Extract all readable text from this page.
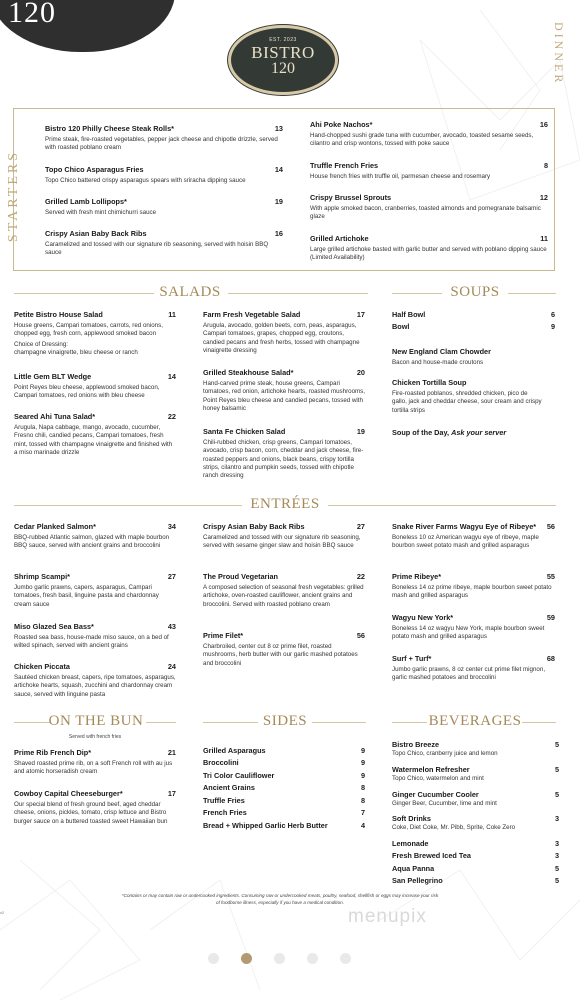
120
EST. 2023
BISTRO
120	DINNER
STARTERS
Bistro 120 Philly Cheese Steak Rolls*	13
Prime steak, fire-roasted vegetables, pepper jack cheese and chipotle drizzle, served with roasted poblano cream
Topo Chico Asparagus Fries	14
Topo Chico battered crispy asparagus spears with sriracha dipping sauce
Grilled Lamb Lollipops*	19
Served with fresh mint chimichurri sauce
Crispy Asian Baby Back Ribs	16
Caramelized and tossed with our signature rib seasoning, served with hoisin BBQ sauce
Ahi Poke Nachos*	16
Hand-chopped sushi grade tuna with cucumber, avocado, toasted sesame seeds, cilantro and crisp wontons, tossed with poke sauce
Truffle French Fries	8
House french fries with truffle oil, parmesan cheese and rosemary
Crispy Brussel Sprouts	12
With apple smoked bacon, cranberries, toasted almonds and pomegranate balsamic glaze
Grilled Artichoke	11
Large grilled artichoke basted with garlic butter and served with poblano dipping sauce (Limited Availability)
SALADS	SOUPS
Petite Bistro House Salad	11
House greens, Campari tomatoes, carrots, red onions, chopped egg, fresh corn, applewood smoked bacon
Choice of Dressing:
champagne vinaigrette, bleu cheese or ranch
Little Gem BLT Wedge	14
Point Reyes bleu cheese, applewood smoked bacon, Campari tomatoes, red onions with bleu cheese
Seared Ahi Tuna Salad*	22
Arugula, Napa cabbage, mango, avocado, cucumber, Fresno chili, candied pecans, Campari tomatoes, fresh mint, tossed with champagne vinaigrette and finished with a miso marinade drizzle
Farm Fresh Vegetable Salad	17
Arugula, avocado, golden beets, corn, peas, asparagus, Campari tomatoes, grapes, chopped egg, croutons, candied pecans and fresh herbs, tossed with champagne vinaigrette dressing
Grilled Steakhouse Salad*	20
Hand-carved prime steak, house greens, Campari tomatoes, red onion, artichoke hearts, roasted mushrooms, Point Reyes bleu cheese and candied pecans, tossed with honey balsamic
Santa Fe Chicken Salad	19
Chili-rubbed chicken, crisp greens, Campari tomatoes, avocado, crisp bacon, corn, cheddar and jack cheese, fire-roasted peppers and onions, black beans, crispy tortilla strips, cilantro and pumpkin seeds, tossed with chipotle ranch dressing
Half Bowl	6
Bowl	9
New England Clam Chowder
Bacon and house-made croutons
Chicken Tortilla Soup
Fire-roasted poblanos, shredded chicken, pico de gallo, jack and cheddar cheese, sour cream and crispy tortilla strips
Soup of the Day, Ask your server
ENTRÉES
Cedar Planked Salmon*	34
BBQ-rubbed Atlantic salmon, glazed with maple bourbon BBQ sauce, served with ancient grains and broccolini
Shrimp Scampi*	27
Jumbo garlic prawns, capers, asparagus, Campari tomatoes, fresh basil, linguine pasta and chardonnay cream sauce
Miso Glazed Sea Bass*	43
Roasted sea bass, house-made miso sauce, on a bed of wilted spinach, served with ancient grains
Chicken Piccata	24
Sautéed chicken breast, capers, ripe tomatoes, asparagus, artichoke hearts, squash, zucchini and chardonnay cream sauce, served with linguine pasta
Crispy Asian Baby Back Ribs	27
Caramelized and tossed with our signature rib seasoning, served with sesame ginger slaw and hoisin BBQ sauce
The Proud Vegetarian	22
A composed selection of seasonal fresh vegetables: grilled artichoke, oven-roasted cauliflower, ancient grains and broccolini. Served with roasted poblano cream
Prime Filet*	56
Charbroiled, center cut 8 oz prime filet, roasted mushrooms, herb butter with our garlic mashed potatoes and broccolini
Snake River Farms Wagyu Eye of Ribeye* 56
Boneless 10 oz American wagyu eye of ribeye, maple bourbon sweet potato mash and grilled asparagus
Prime Ribeye*	55
Boneless 14 oz prime ribeye, maple bourbon sweet potato mash and grilled asparagus
Wagyu New York*	59
Boneless 14 oz wagyu New York, maple bourbon sweet potato mash and grilled asparagus
Surf + Turf*	68
Jumbo garlic prawns, 8 oz center cut prime filet mignon, garlic mashed potatoes and broccolini
ON THE BUN
Served with french fries
SIDES	BEVERAGES
Prime Rib French Dip*	21
Shaved roasted prime rib, on a soft French roll with au jus and atomic horseradish cream
Cowboy Capital Cheeseburger*	17
Our special blend of fresh ground beef, aged cheddar cheese, onions, pickles, tomato, crisp lettuce and Bistro burger sauce on a buttered toasted sweet Hawaiian bun
Grilled Asparagus	9
Broccolini	9
Tri Color Cauliflower	9
Ancient Grains	8
Truffle Fries	8
French Fries	7
Bread + Whipped Garlic Herb Butter	4
Bistro Breeze	5
Topo Chico, cranberry juice and lemon
Watermelon Refresher	5
Topo Chico, watermelon and mint
Ginger Cucumber Cooler	5
Ginger Beer, Cucumber, lime and mint
Soft Drinks	3
Coke, Diet Coke, Mr. Pibb, Sprite, Coke Zero
Lemonade	3
Fresh Brewed Iced Tea	3
Aqua Panna	5
San Pellegrino	5
*Contains or may contain raw or undercooked ingredients. Consuming raw or undercooked meats, poultry, seafood, shellfish or eggs may increase your risk of foodborne illness, especially if you have a medical condition.
menupix
v2
